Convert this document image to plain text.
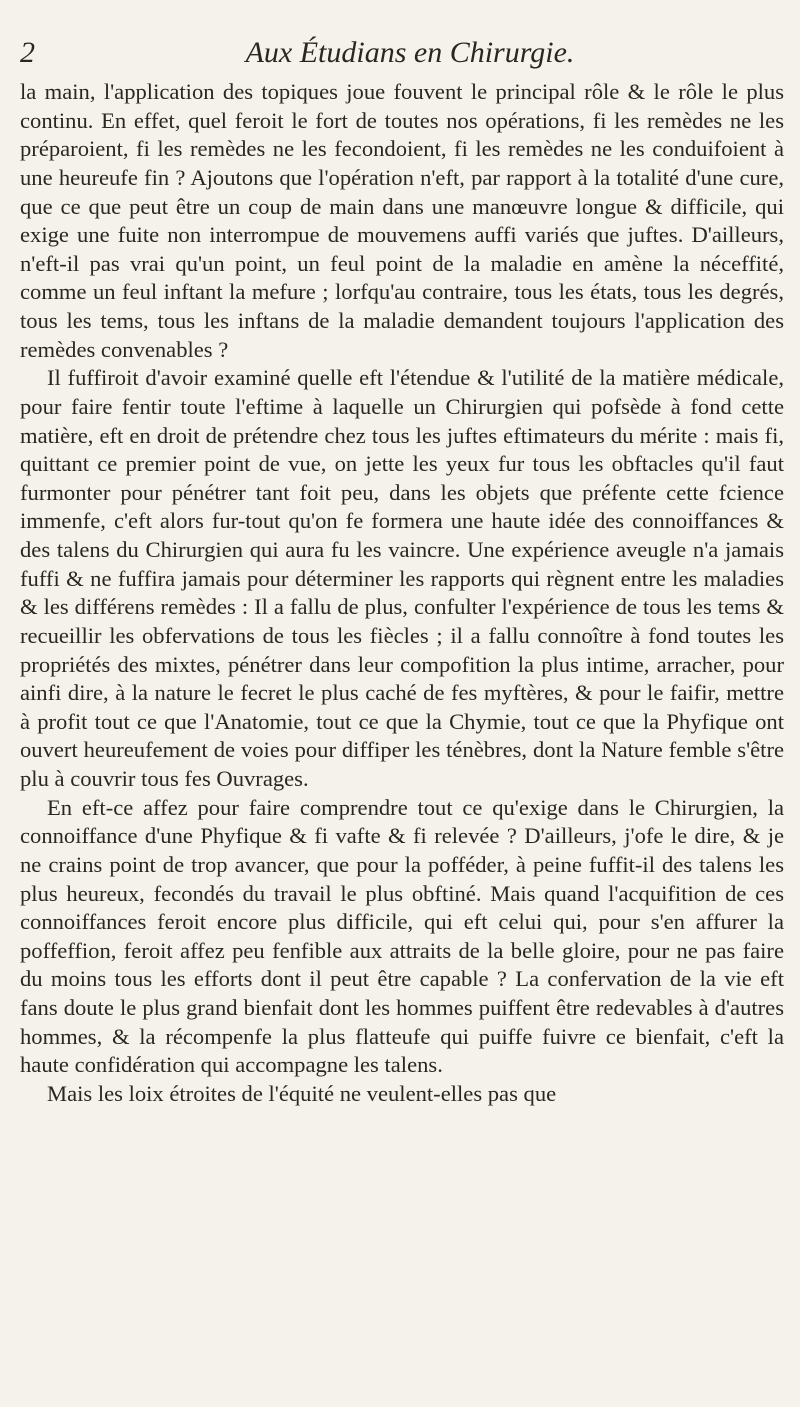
2	Aux Étudians en Chirurgie.

la main, l'application des topiques joue fouvent le principal rôle & le rôle le plus continu. En effet, quel feroit le fort de toutes nos opérations, fi les remèdes ne les préparoient, fi les remèdes ne les fecondoient, fi les remèdes ne les conduifoient à une heureufe fin ? Ajoutons que l'opération n'eft, par rapport à la totalité d'une cure, que ce que peut être un coup de main dans une manœuvre longue & difficile, qui exige une fuite non interrompue de mouvemens auffi variés que juftes. D'ailleurs, n'eft-il pas vrai qu'un point, un feul point de la maladie en amène la néceffité, comme un feul inftant la mefure ; lorfqu'au contraire, tous les états, tous les degrés, tous les tems, tous les inftans de la maladie demandent toujours l'application des remèdes convenables ?

Il fuffiroit d'avoir examiné quelle eft l'étendue & l'utilité de la matière médicale, pour faire fentir toute l'eftime à laquelle un Chirurgien qui pofsède à fond cette matière, eft en droit de prétendre chez tous les juftes eftimateurs du mérite : mais fi, quittant ce premier point de vue, on jette les yeux fur tous les obftacles qu'il faut furmonter pour pénétrer tant foit peu, dans les objets que préfente cette fcience immenfe, c'eft alors fur-tout qu'on fe formera une haute idée des connoiffances & des talens du Chirurgien qui aura fu les vaincre. Une expérience aveugle n'a jamais fuffi & ne fuffira jamais pour déterminer les rapports qui règnent entre les maladies & les différens remèdes : Il a fallu de plus, confulter l'expérience de tous les tems & recueillir les obfervations de tous les fiècles ; il a fallu connoître à fond toutes les propriétés des mixtes, pénétrer dans leur compofition la plus intime, arracher, pour ainfi dire, à la nature le fecret le plus caché de fes myftères, & pour le faifir, mettre à profit tout ce que l'Anatomie, tout ce que la Chymie, tout ce que la Phyfique ont ouvert heureufement de voies pour diffiper les ténèbres, dont la Nature femble s'être plu à couvrir tous fes Ouvrages.

En eft-ce affez pour faire comprendre tout ce qu'exige dans le Chirurgien, la connoiffance d'une Phyfique & fi vafte & fi relevée ? D'ailleurs, j'ofe le dire, & je ne crains point de trop avancer, que pour la pofféder, à peine fuffit-il des talens les plus heureux, fecondés du travail le plus obftiné. Mais quand l'acquifition de ces connoiffances feroit encore plus difficile, qui eft celui qui, pour s'en affurer la poffeffion, feroit affez peu fenfible aux attraits de la belle gloire, pour ne pas faire du moins tous les efforts dont il peut être capable ? La confervation de la vie eft fans doute le plus grand bienfait dont les hommes puiffent être redevables à d'autres hommes, & la récompenfe la plus flatteufe qui puiffe fuivre ce bienfait, c'eft la haute confidération qui accompagne les talens.

Mais les loix étroites de l'équité ne veulent-elles pas que
